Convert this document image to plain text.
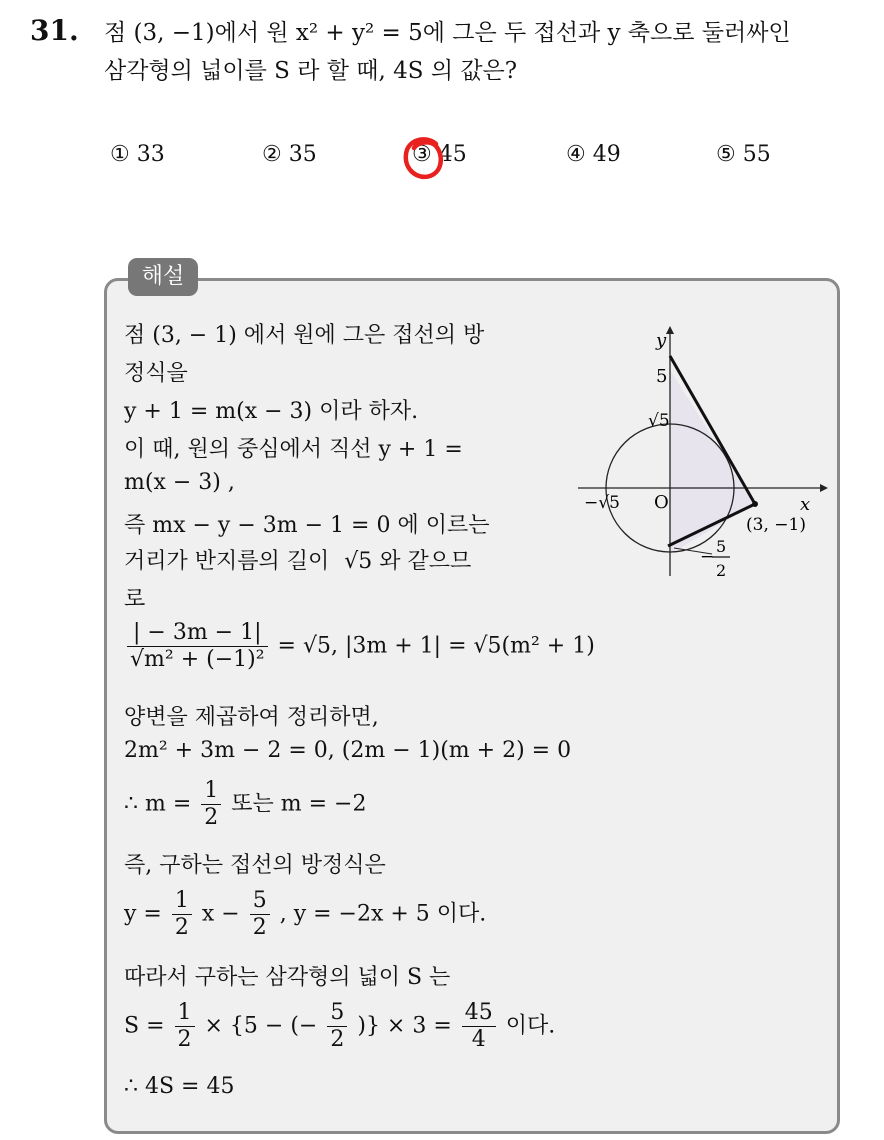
31. 점 (3, −1)에서 원 x² + y² = 5에 그은 두 접선과 y 축으로 둘러싸인
삼각형의 넓이를 S 라 할 때, 4S 의 값은?
① 33	② 35	③ 45	④ 49	⑤ 55
해설
점 (3, − 1) 에서 원에 그은 접선의 방
정식을
y + 1 = m(x − 3) 이라 하자.
이 때, 원의 중심에서 직선 y + 1 =
m(x − 3) ,
즉 mx − y − 3m − 1 = 0 에 이르는
거리가 반지름의 길이 √5 와 같으므
로
$\frac{| - 3m - 1|}{\text{√m² + (−1)²}} = √5$, |3m + 1| = √5(m² + 1)
양변을 제곱하여 정리하면,
2m² + 3m − 2 = 0, (2m − 1)(m + 2) = 0
∴ $m = \frac{1}{2}$ 또는 m = −2
즉, 구하는 접선의 방정식은
$y = \frac{1}{2}$ $x - \frac{5}{2}$ , y = −2x + 5 이다.
따라서 구하는 삼각형의 넓이 S 는
$S = \frac{1}{2} \times \{5$ − (− $\frac{5}{2}$ )} × $3 = \frac{45}{4}$ 이다.
∴ 4S = 45
y
x
O
5
√5
−√5
(3, −1)
−
5
2
